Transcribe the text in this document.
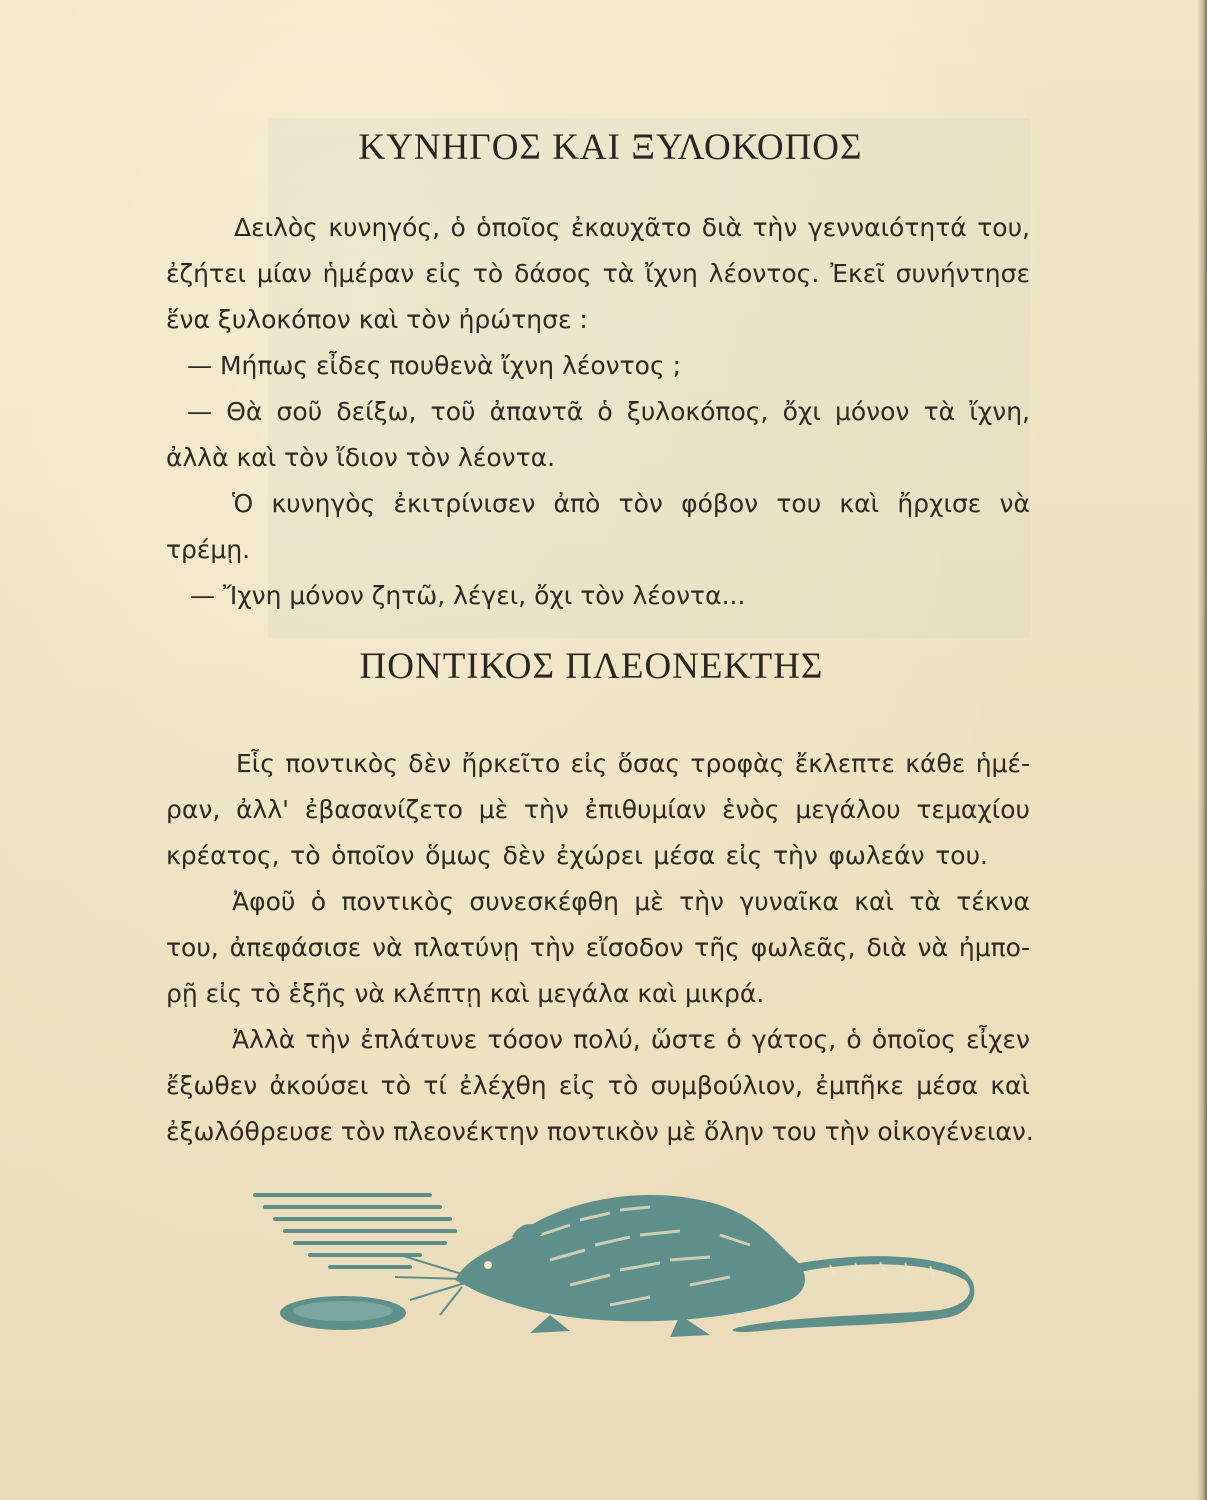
ΚΥΝΗΓΟΣ ΚΑΙ ΞΥΛΟΚΟΠΟΣ
Δειλὸς κυνηγός, ὁ ὁποῖος ἐκαυχᾶτο διὰ τὴν γενναιότητά του,
ἐζήτει μίαν ἡμέραν εἰς τὸ δάσος τὰ ἴχνη λέοντος. Ἐκεῖ συνήντησε
ἕνα ξυλοκόπον καὶ τὸν ἠρώτησε :
— Μήπως εἶδες πουθενὰ ἴχνη λέοντος ;
— Θὰ σοῦ δείξω, τοῦ ἀπαντᾶ ὁ ξυλοκόπος, ὄχι μόνον τὰ ἴχνη,
ἀλλὰ καὶ τὸν ἴδιον τὸν λέοντα.
Ὁ κυνηγὸς ἐκιτρίνισεν ἀπὸ τὸν φόβον του καὶ ἤρχισε νὰ
τρέμῃ.
— Ἴχνη μόνον ζητῶ, λέγει, ὄχι τὸν λέοντα...
ΠΟΝΤΙΚΟΣ ΠΛΕΟΝΕΚΤΗΣ
Εἷς ποντικὸς δὲν ἤρκεῖτο εἰς ὅσας τροφὰς ἔκλεπτε κάθε ἡμέ-
ραν, ἀλλ' ἐβασανίζετο μὲ τὴν ἐπιθυμίαν ἑνὸς μεγάλου τεμαχίου
κρέατος, τὸ ὁποῖον ὅμως δὲν ἐχώρει μέσα εἰς τὴν φωλεάν του.
Ἀφοῦ ὁ ποντικὸς συνεσκέφθη μὲ τὴν γυναῖκα καὶ τὰ τέκνα
του, ἀπεφάσισε νὰ πλατύνῃ τὴν εἴσοδον τῆς φωλεᾶς, διὰ νὰ ἠμπο-
ρῇ εἰς τὸ ἑξῆς νὰ κλέπτῃ καὶ μεγάλα καὶ μικρά.
Ἀλλὰ τὴν ἐπλάτυνε τόσον πολύ, ὥστε ὁ γάτος, ὁ ὁποῖος εἶχεν
ἔξωθεν ἀκούσει τὸ τί ἐλέχθη εἰς τὸ συμβούλιον, ἐμπῆκε μέσα καὶ
ἐξωλόθρευσε τὸν πλεονέκτην ποντικὸν μὲ ὅλην του τὴν οἰκογένειαν.
